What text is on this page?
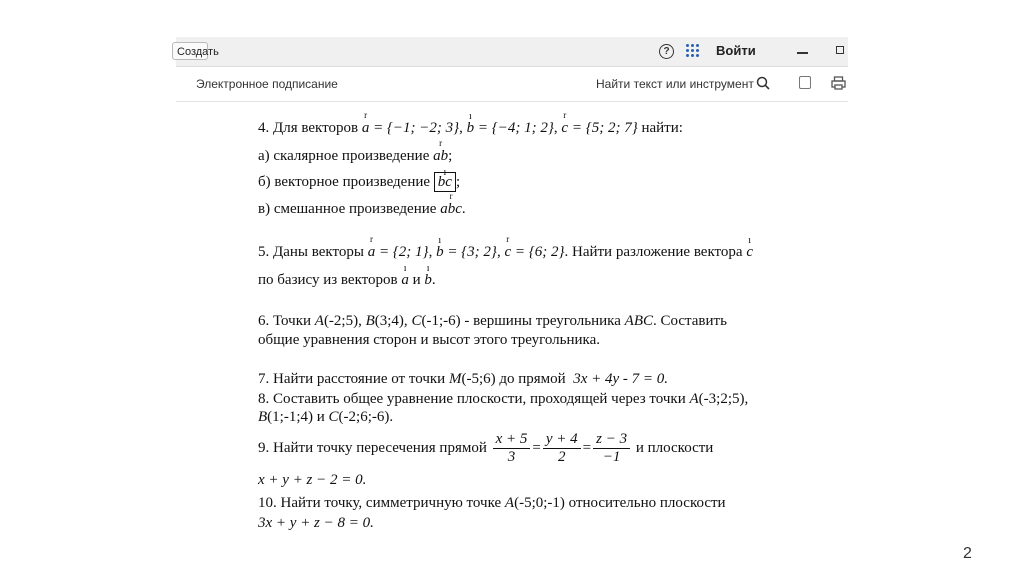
Создать	?	Войти
Электронное подписание	Найти текст или инструмент
4. Для векторов r a = {−1; −2; 3}, ı b = {−4; 1; 2}, r c = {5; 2; 7} найти:
а) скалярное произведение r ab;
б) векторное произведение ı bc ;
в) смешанное произведение r abc.
5. Даны векторы r a = {2; 1}, ı b = {3; 2}, r c = {6; 2}. Найти разложение вектора ı c
по базису из векторов ı a и ı b.
6. Точки A(-2;5), B(3;4), C(-1;-6) - вершины треугольника ABC. Составить
общие уравнения сторон и высот этого треугольника.
7. Найти расстояние от точки M(-5;6) до прямой 3x + 4y - 7 = 0.
8. Составить общее уравнение плоскости, проходящей через точки A(-3;2;5),
B(1;-1;4) и C(-2;6;-6).
9. Найти точку пересечения прямой $\frac{x + 5}{3} = \frac{y + 4}{2} = \frac{z - 3}{-1}$ и плоскости
x + y + z − 2 = 0.
10. Найти точку, симметричную точке A(-5;0;-1) относительно плоскости
3x + y + z − 8 = 0.
2
